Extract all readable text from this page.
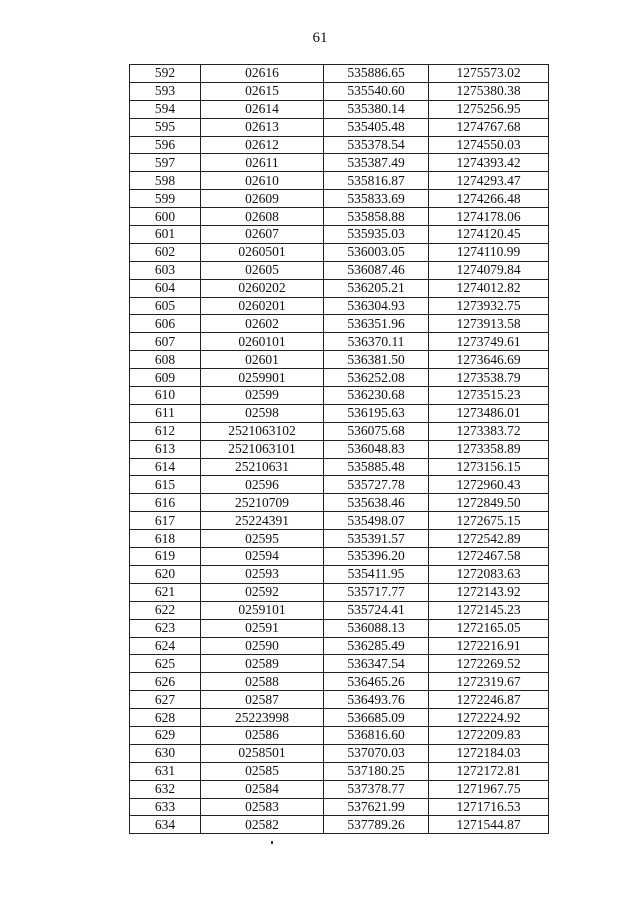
61
592	02616	535886.65	1275573.02
593	02615	535540.60	1275380.38
594	02614	535380.14	1275256.95
595	02613	535405.48	1274767.68
596	02612	535378.54	1274550.03
597	02611	535387.49	1274393.42
598	02610	535816.87	1274293.47
599	02609	535833.69	1274266.48
600	02608	535858.88	1274178.06
601	02607	535935.03	1274120.45
602	0260501	536003.05	1274110.99
603	02605	536087.46	1274079.84
604	0260202	536205.21	1274012.82
605	0260201	536304.93	1273932.75
606	02602	536351.96	1273913.58
607	0260101	536370.11	1273749.61
608	02601	536381.50	1273646.69
609	0259901	536252.08	1273538.79
610	02599	536230.68	1273515.23
611	02598	536195.63	1273486.01
612	2521063102	536075.68	1273383.72
613	2521063101	536048.83	1273358.89
614	25210631	535885.48	1273156.15
615	02596	535727.78	1272960.43
616	25210709	535638.46	1272849.50
617	25224391	535498.07	1272675.15
618	02595	535391.57	1272542.89
619	02594	535396.20	1272467.58
620	02593	535411.95	1272083.63
621	02592	535717.77	1272143.92
622	0259101	535724.41	1272145.23
623	02591	536088.13	1272165.05
624	02590	536285.49	1272216.91
625	02589	536347.54	1272269.52
626	02588	536465.26	1272319.67
627	02587	536493.76	1272246.87
628	25223998	536685.09	1272224.92
629	02586	536816.60	1272209.83
630	0258501	537070.03	1272184.03
631	02585	537180.25	1272172.81
632	02584	537378.77	1271967.75
633	02583	537621.99	1271716.53
634	02582	537789.26	1271544.87
